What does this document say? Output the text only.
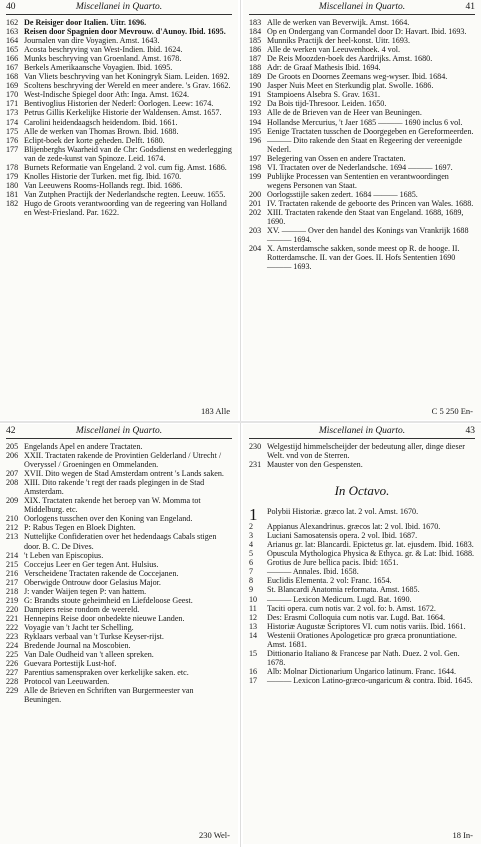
40	Miscellanei in Quarto.
162 De Reisiger door Italien. Uitr. 1696.
163 Reisen door Spagnien door Mevrouw. d'Aunoy. Ibid. 1695.
164 Journalen van dire Voyagien. Amst. 1643.
165 Acosta beschryving van West-Indien. Ibid. 1624.
166 Munks beschryving van Groenland. Amst. 1678.
167 Berkels Amerikaansche Voyagien. Ibid. 1695.
168 Van Vliets beschryving van het Koningryk Siam. Leiden. 1692.
169 Scoltens beschryving der Wereld en meer andere. 's Grav. 1662.
170 West-Indische Spiegel door Ath: Inga. Amst. 1624.
171 Bentivoglius Historien der Nederl: Oorlogen. Leew: 1674.
173 Petrus Gillis Kerkelijke Historie der Waldensen. Amst. 1657.
174 Carolini heidendaagsch heidendom. Ibid. 1661.
175 Alle de werken van Thomas Brown. Ibid. 1688.
176 Eclipt-boek der korte geheden. Delft. 1680.
177 Blijenberghs Waarheid van de Chr: Godsdienst en wederlegging van de zede-kunst van Spinoze. Leid. 1674.
178 Burnets Reformatie van Engeland. 2 vol. cum fig. Amst. 1686.
179 Knolles Historie der Turken. met fig. Ibid. 1670.
180 Van Leeuwens Rooms-Hollands regt. Ibid. 1686.
181 Van Zutphen Practijk der Nederlandsche regten. Leeuw. 1655.
182 Hugo de Groots verantwoording van de regeering van Holland en West-Friesland. Par. 1622.
183 Alle
Miscellanei in Quarto.	41
183 Alle de werken van Beverwijk. Amst. 1664.
184 Op en Ondergang van Cormandel door D: Havart. Ibid. 1693.
185 Munniks Practijk der heel-konst. Uitr. 1693.
186 Alle de werken van Leeuwenhoek. 4 vol.
187 De Reis Moozden-boek des Aardrijks. Amst. 1680.
188 Adr: de Graaf Mathesis Ibid. 1694.
189 De Groots en Doornes Zeemans weg-wyser. Ibid. 1684.
190 Jasper Nuis Meet en Sterkundig plat. Swolle. 1686.
191 Stampioens Alsebra S. Grav. 1631.
192 Da Bois tijd-Thresoor. Leiden. 1650.
193 Alle de de Brieven van de Heer van Beuningen.
194 Hollandse Mercurius, 't Jaer 1685 ——— 1690 inclus 6 vol.
195 Eenige Tractaten tusschen de Doorgegeben en Gereformeerden.
196 ——— Dito rakende den Staat en Regeering der vereenigde Nederl.
197 Belegering van Ossen en andere Tractaten.
198 VI. Tractaten over de Nederlandsche. 1694 ——— 1697.
199 Publijke Processen van Sententien en verantwoordingen wegens Personen van Staat.
200 Oorlogsstijle saken zedert. 1684 ——— 1685.
201 IV. Tractaten rakende de geboorte des Princen van Wales. 1688.
202 XIII. Tractaten rakende den Staat van Engeland. 1688, 1689, 1690.
203 XV. ——— Over den handel des Konings van Vrankrijk 1688 ——— 1694.
204 X. Amsterdamsche sakken, sonde meest op R. de hooge. II. Rotterdamsche. II. van der Goes. II. Hofs Sententien 1690 ——— 1693.
C 5 250 En-
42	Miscellanei in Quarto.
205 Engelands Apel en andere Tractaten.
206 XXII. Tractaten rakende de Provintien Gelderland / Utrecht / Overyssel / Groeningen en Ommelanden.
207 XVII. Dito wegen de Stad Amsterdam ontrent 's Lands saken.
208 XIII. Dito rakende 't regt der raads plegingen in de Stad Amsterdam.
209 XIX. Tractaten rakende het beroep van W. Momma tot Middelburg. etc.
210 Oorlogens tusschen over den Koning van Engeland.
212 P: Rabus Tegen en Bloek Dighten.
213 Nuttelijke Confideratien over het hedendaags Cabals stigen door. B. C. De Dives.
214 't Leben van Episcopius.
215 Coccejus Leer en Ger tegen Ant. Hulsius.
216 Verscheidene Tractaten rakende de Coccejanen.
217 Oberwigde Ontrouw door Gelasius Major.
218 J: vander Waijen tegen P: van hattem.
219 G: Brandts stoute geheimheid en Liefdeloose Geest.
220 Dampiers reise rondom de weereld.
221 Hennepins Reise door onbedekte nieuwe Landen.
222 Voyagie van 't Jacht ter Schelling.
223 Ryklaars verbaal van 't Turkse Keyser-rijst.
224 Bredende Journal na Moscobien.
225 Van Dale Oudheid van 't alleen spreken.
226 Guevara Portestijk Lust-hof.
227 Parentius samenspraken over kerkelijke saken. etc.
228 Protocol van Leeuwarden.
229 Alle de Brieven en Schriften van Burgermeester van Beuningen.
230 Wel-
Miscellanei in Quarto.	43
230 Welgestijd himmelscheijder der bedeutung aller, dinge dieser Welt. vnd von de Sterren.
231 Mauster von den Gespensten.
In Octavo.
1	Polybii Historiæ. græco lat. 2 vol. Amst. 1670.
2	Appianus Alexandrinus. græcos lat: 2 vol. Ibid. 1670.
3	Luciani Samosatensis opera. 2 vol. Ibid. 1687.
4	Arianus gr. lat: Blancardi. Epictetus gr. lat. ejusdem. Ibid. 1683.
5	Opuscula Mythologica Physica & Ethyca. gr. & Lat: Ibid. 1688.
6	Grotius de Jure bellica pacis. Ibid: 1651.
7	——— Annales. Ibid. 1658.
8	Euclidis Elementa. 2 vol: Franc. 1654.
9	St. Blancardi Anatomia reformata. Amst. 1685.
10	——— Lexicon Medicum. Lugd. Bat. 1690.
11	Taciti opera. cum notis var. 2 vol. fo: b. Amst. 1672.
12	Des: Erasmi Colloquia cum notis var. Lugd. Bat. 1664.
13	Historiæ Augustæ Scriptores VI. cum notis variis. Ibid. 1661.
14	Westenii Orationes Apologeticæ pro græca pronuntiatione. Amst. 1681.
15	Dittionario Italiano & Francese par Nath. Duez. 2 vol. Gen. 1678.
16	Alb: Molnar Dictionarium Ungarico latinum. Franc. 1644.
17	——— Lexicon Latino-græco-ungaricum & contra. Ibid. 1645.
18 In-
